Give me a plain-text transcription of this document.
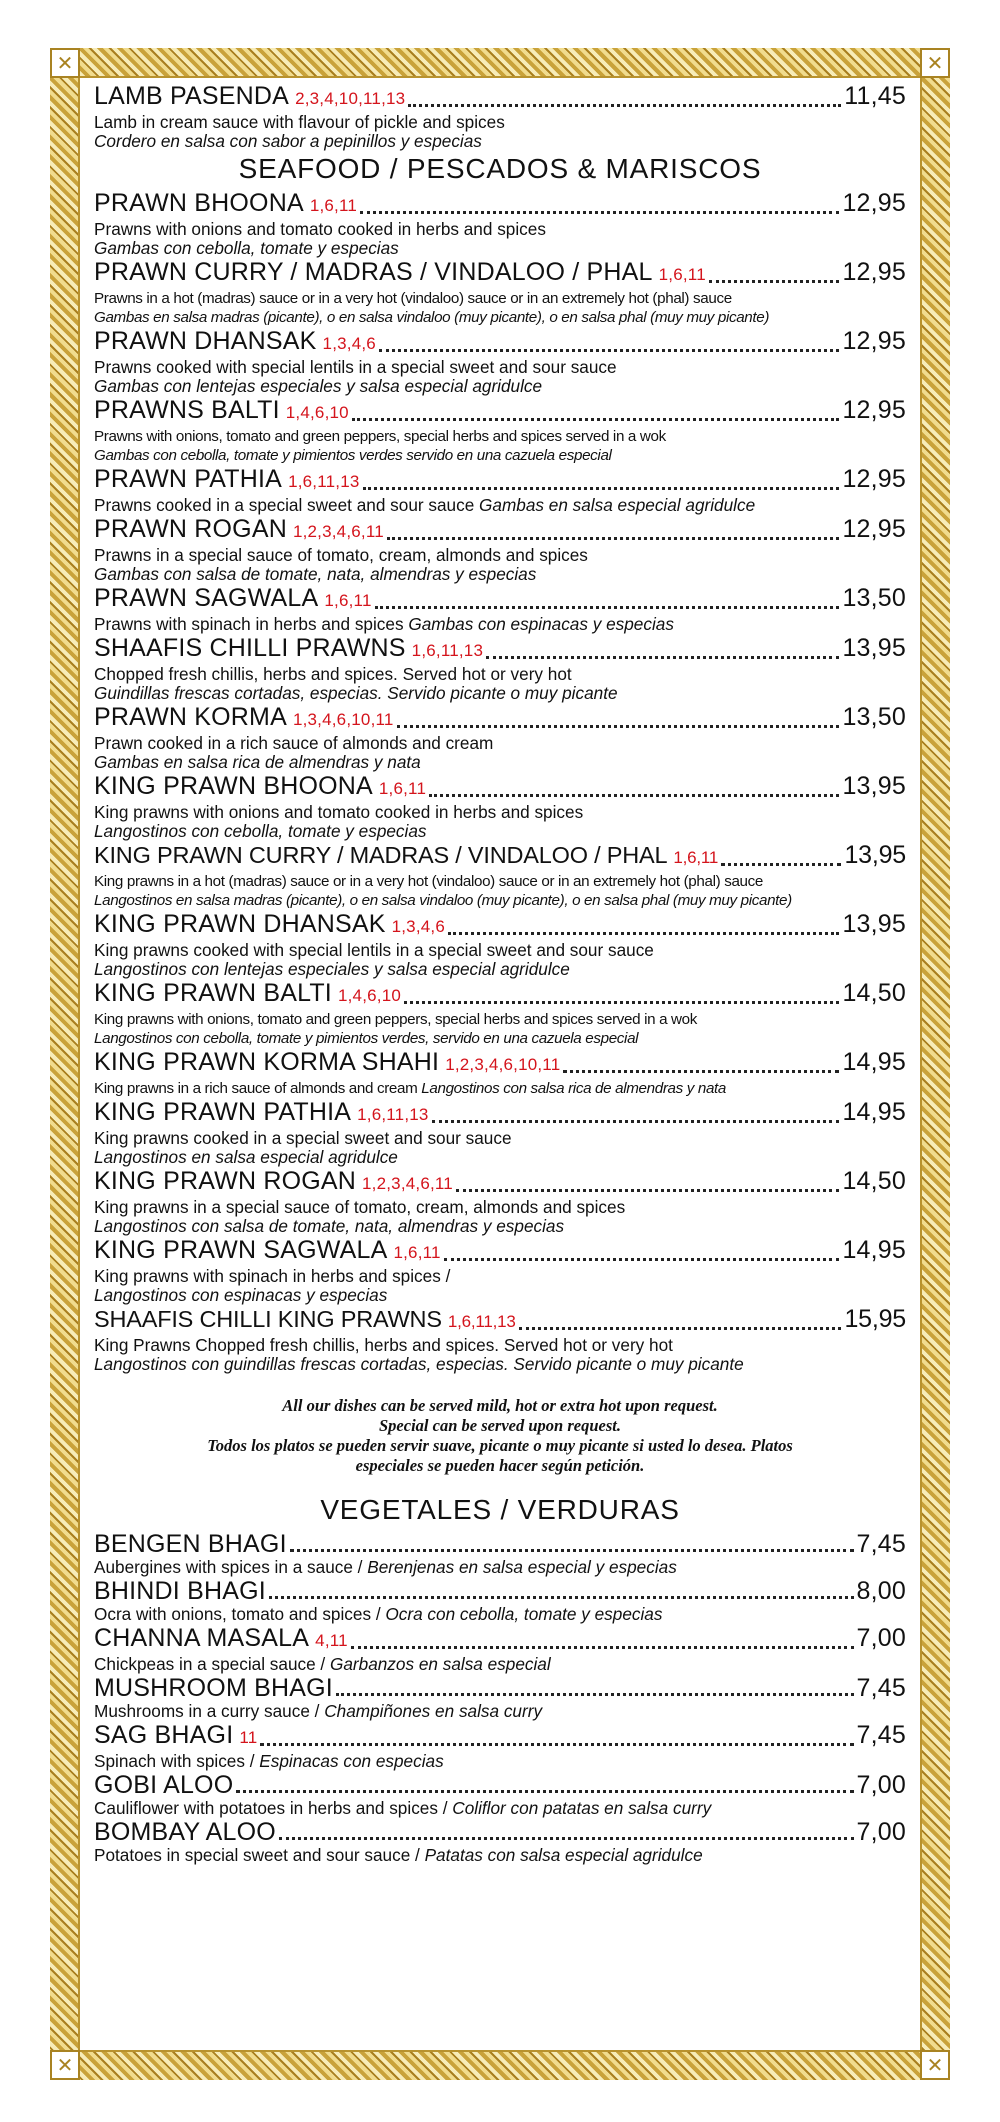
✕	✕
✕	✕
LAMB PASENDA 2,3,4,10,11,13	11,45
Lamb in cream sauce with flavour of pickle and spices
Cordero en salsa con sabor a pepinillos y especias
SEAFOOD / PESCADOS & MARISCOS
PRAWN BHOONA 1,6,11	12,95
Prawns with onions and tomato cooked in herbs and spices
Gambas con cebolla, tomate y especias
PRAWN CURRY / MADRAS / VINDALOO / PHAL 1,6,11	12,95
Prawns in a hot (madras) sauce or in a very hot (vindaloo) sauce or in an extremely hot (phal) sauce
Gambas en salsa madras (picante), o en salsa vindaloo (muy picante), o en salsa phal (muy muy picante)
PRAWN DHANSAK 1,3,4,6	12,95
Prawns cooked with special lentils in a special sweet and sour sauce
Gambas con lentejas especiales y salsa especial agridulce
PRAWNS BALTI 1,4,6,10	12,95
Prawns with onions, tomato and green peppers, special herbs and spices served in a wok
Gambas con cebolla, tomate y pimientos verdes servido en una cazuela especial
PRAWN PATHIA 1,6,11,13	12,95
Prawns cooked in a special sweet and sour sauce Gambas en salsa especial agridulce
PRAWN ROGAN 1,2,3,4,6,11	12,95
Prawns in a special sauce of tomato, cream, almonds and spices
Gambas con salsa de tomate, nata, almendras y especias
PRAWN SAGWALA 1,6,11	13,50
Prawns with spinach in herbs and spices Gambas con espinacas y especias
SHAAFIS CHILLI PRAWNS 1,6,11,13	13,95
Chopped fresh chillis, herbs and spices. Served hot or very hot
Guindillas frescas cortadas, especias. Servido picante o muy picante
PRAWN KORMA 1,3,4,6,10,11	13,50
Prawn cooked in a rich sauce of almonds and cream
Gambas en salsa rica de almendras y nata
KING PRAWN BHOONA 1,6,11	13,95
King prawns with onions and tomato cooked in herbs and spices
Langostinos con cebolla, tomate y especias
KING PRAWN CURRY / MADRAS / VINDALOO / PHAL 1,6,11	13,95
King prawns in a hot (madras) sauce or in a very hot (vindaloo) sauce or in an extremely hot (phal) sauce
Langostinos en salsa madras (picante), o en salsa vindaloo (muy picante), o en salsa phal (muy muy picante)
KING PRAWN DHANSAK 1,3,4,6	13,95
King prawns cooked with special lentils in a special sweet and sour sauce
Langostinos con lentejas especiales y salsa especial agridulce
KING PRAWN BALTI 1,4,6,10	14,50
King prawns with onions, tomato and green peppers, special herbs and spices served in a wok
Langostinos con cebolla, tomate y pimientos verdes, servido en una cazuela especial
KING PRAWN KORMA SHAHI 1,2,3,4,6,10,11	14,95
King prawns in a rich sauce of almonds and cream Langostinos con salsa rica de almendras y nata
KING PRAWN PATHIA 1,6,11,13	14,95
King prawns cooked in a special sweet and sour sauce
Langostinos en salsa especial agridulce
KING PRAWN ROGAN 1,2,3,4,6,11	14,50
King prawns in a special sauce of tomato, cream, almonds and spices
Langostinos con salsa de tomate, nata, almendras y especias
KING PRAWN SAGWALA 1,6,11	14,95
King prawns with spinach in herbs and spices /
Langostinos con espinacas y especias
SHAAFIS CHILLI KING PRAWNS 1,6,11,13	15,95
King Prawns Chopped fresh chillis, herbs and spices. Served hot or very hot
Langostinos con guindillas frescas cortadas, especias. Servido picante o muy picante
All our dishes can be served mild, hot or extra hot upon request.
Special can be served upon request.
Todos los platos se pueden servir suave, picante o muy picante si usted lo desea. Platos
especiales se pueden hacer según petición.
VEGETALES / VERDURAS
BENGEN BHAGI	7,45
Aubergines with spices in a sauce / Berenjenas en salsa especial y especias
BHINDI BHAGI	8,00
Ocra with onions, tomato and spices / Ocra con cebolla, tomate y especias
CHANNA MASALA 4,11	7,00
Chickpeas in a special sauce / Garbanzos en salsa especial
MUSHROOM BHAGI	7,45
Mushrooms in a curry sauce / Champiñones en salsa curry
SAG BHAGI 11	7,45
Spinach with spices / Espinacas con especias
GOBI ALOO	7,00
Cauliflower with potatoes in herbs and spices / Coliflor con patatas en salsa curry
BOMBAY ALOO	7,00
Potatoes in special sweet and sour sauce / Patatas con salsa especial agridulce
